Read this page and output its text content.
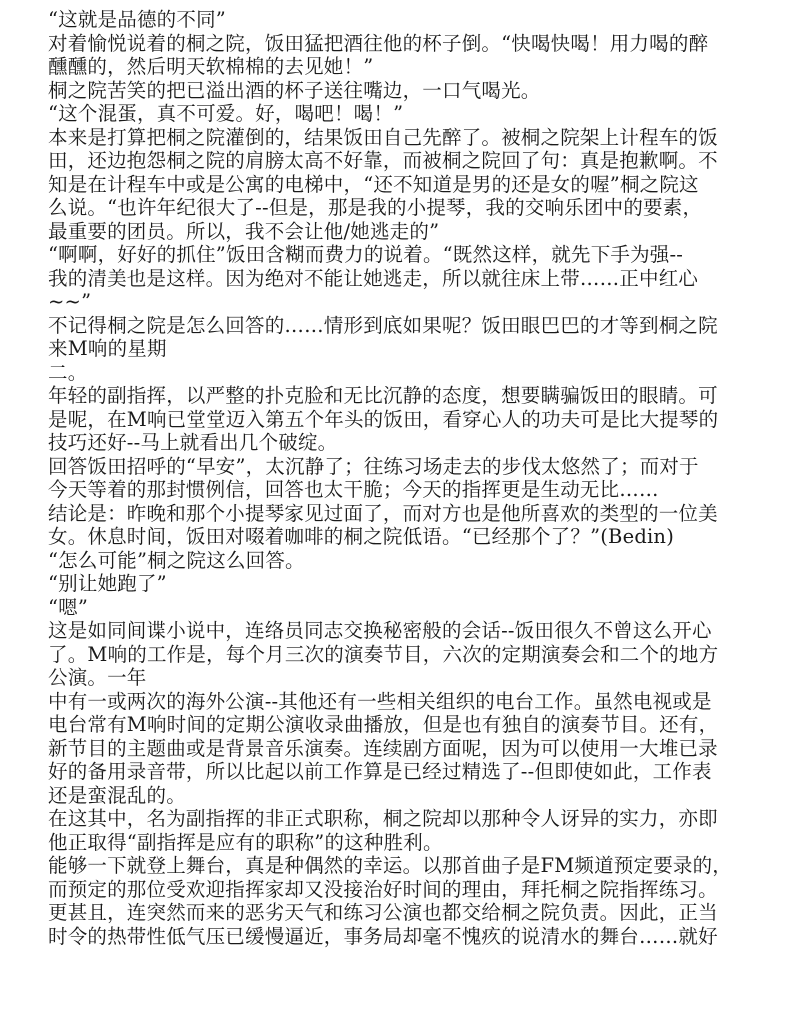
“这就是品德的不同”
对着愉悦说着的桐之院，饭田猛把酒往他的杯子倒。“快喝快喝！用力喝的醉
醺醺的，然后明天软棉棉的去见她！”
桐之院苦笑的把已溢出酒的杯子送往嘴边，一口气喝光。
“这个混蛋，真不可爱。好，喝吧！喝！”
本来是打算把桐之院灌倒的，结果饭田自己先醉了。被桐之院架上计程车的饭
田，还边抱怨桐之院的肩膀太高不好靠，而被桐之院回了句：真是抱歉啊。不
知是在计程车中或是公寓的电梯中，“还不知道是男的还是女的喔”桐之院这
么说。“也许年纪很大了--但是，那是我的小提琴，我的交响乐团中的要素，
最重要的团员。所以，我不会让他/她逃走的”
“啊啊，好好的抓住”饭田含糊而费力的说着。“既然这样，就先下手为强--
我的清美也是这样。因为绝对不能让她逃走，所以就往床上带……正中红心
~~”
不记得桐之院是怎么回答的……情形到底如果呢？饭田眼巴巴的才等到桐之院
来M响的星期
二。
年轻的副指挥，以严整的扑克脸和无比沉静的态度，想要瞒骗饭田的眼睛。可
是呢，在M响已堂堂迈入第五个年头的饭田，看穿心人的功夫可是比大提琴的
技巧还好--马上就看出几个破绽。
回答饭田招呼的“早安”，太沉静了；往练习场走去的步伐太悠然了；而对于
今天等着的那封惯例信，回答也太干脆；今天的指挥更是生动无比……
结论是：昨晚和那个小提琴家见过面了，而对方也是他所喜欢的类型的一位美
女。休息时间，饭田对啜着咖啡的桐之院低语。“已经那个了？”(Bedin)
“怎么可能”桐之院这么回答。
“别让她跑了”
“嗯”
这是如同间谍小说中，连络员同志交换秘密般的会话--饭田很久不曾这么开心
了。M响的工作是，每个月三次的演奏节目，六次的定期演奏会和二个的地方
公演。一年
中有一或两次的海外公演--其他还有一些相关组织的电台工作。虽然电视或是
电台常有M响时间的定期公演收录曲播放，但是也有独自的演奏节目。还有，
新节目的主题曲或是背景音乐演奏。连续剧方面呢，因为可以使用一大堆已录
好的备用录音带，所以比起以前工作算是已经过精选了--但即使如此，工作表
还是蛮混乱的。
在这其中，名为副指挥的非正式职称，桐之院却以那种令人讶异的实力，亦即
他正取得“副指挥是应有的职称”的这种胜利。
能够一下就登上舞台，真是种偶然的幸运。以那首曲子是FM频道预定要录的，
而预定的那位受欢迎指挥家却又没接治好时间的理由，拜托桐之院指挥练习。
更甚且，连突然而来的恶劣天气和练习公演也都交给桐之院负责。因此，正当
时令的热带性低气压已缓慢逼近，事务局却毫不愧疚的说清水的舞台……就好
